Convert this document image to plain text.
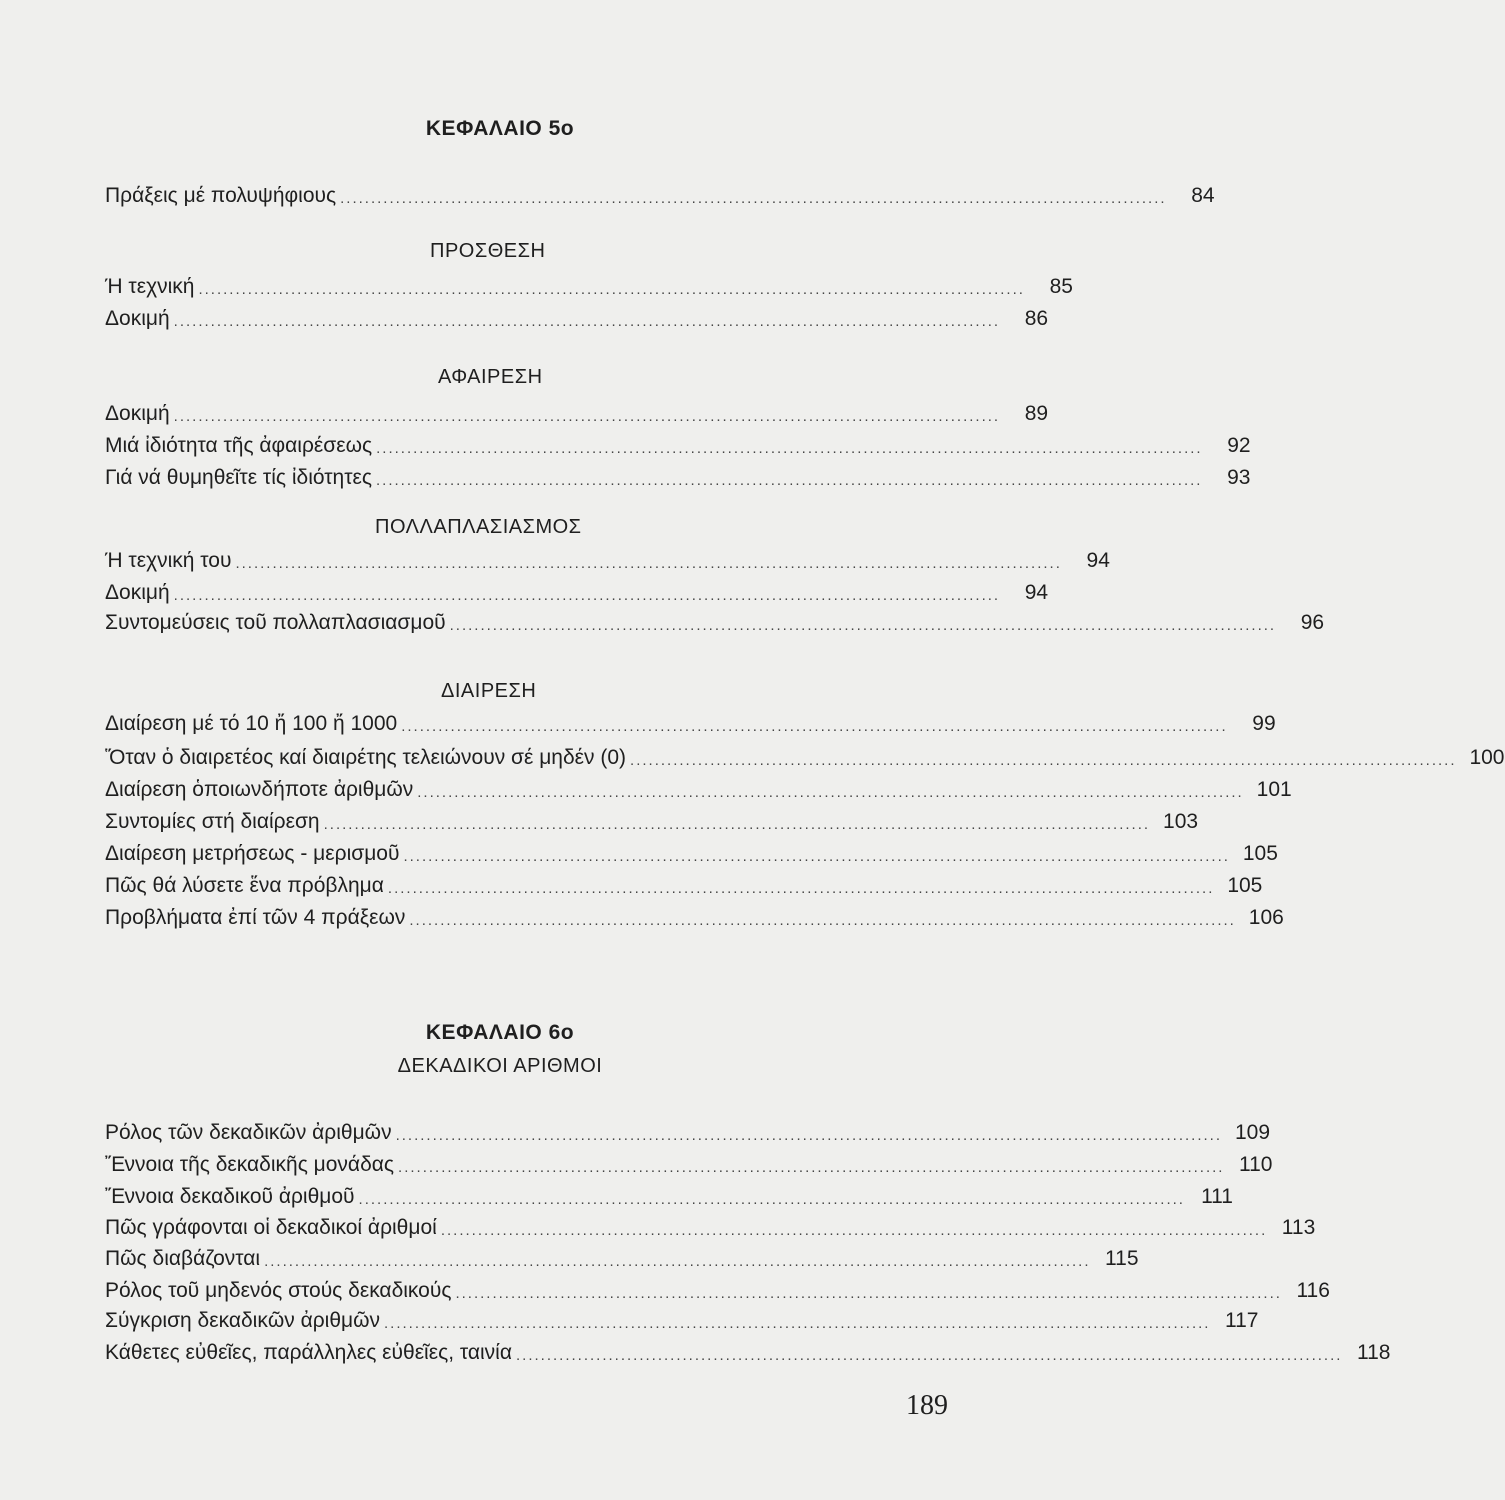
ΚΕΦΑΛΑΙΟ 5ο
Πράξεις μέ πολυψήφιους ......................................................................................................................................	84
ΠΡΟΣΘΕΣΗ
Ή τεχνική ......................................................................................................................................	85
Δοκιμή ......................................................................................................................................	86
ΑΦΑΙΡΕΣΗ
Δοκιμή ......................................................................................................................................	89
Μιά ἰδιότητα τῆς ἀφαιρέσεως ......................................................................................................................................	92
Γιά νά θυμηθεῖτε τίς ἰδιότητες ......................................................................................................................................	93
ΠΟΛΛΑΠΛΑΣΙΑΣΜΟΣ
Ή τεχνική του ......................................................................................................................................	94
Δοκιμή ......................................................................................................................................	94
Συντομεύσεις τοῦ πολλαπλασιασμοῦ ......................................................................................................................................	96
ΔΙΑΙΡΕΣΗ
Διαίρεση μέ τό 10 ἤ 100 ἤ 1000 ......................................................................................................................................	99
Ὅταν ὁ διαιρετέος καί διαιρέτης τελειώνουν σέ μηδέν (0) ...................................................................................................................................... 100
Διαίρεση ὁποιωνδήποτε ἀριθμῶν ...................................................................................................................................... 101
Συντομίες στή διαίρεση ...................................................................................................................................... 103
Διαίρεση μετρήσεως - μερισμοῦ ...................................................................................................................................... 105
Πῶς θά λύσετε ἕνα πρόβλημα ...................................................................................................................................... 105
Προβλήματα ἐπί τῶν 4 πράξεων ...................................................................................................................................... 106
ΚΕΦΑΛΑΙΟ 6ο
ΔΕΚΑΔΙΚΟΙ ΑΡΙΘΜΟΙ
Ρόλος τῶν δεκαδικῶν ἀριθμῶν ...................................................................................................................................... 109
Ἔννοια τῆς δεκαδικῆς μονάδας ...................................................................................................................................... 110
Ἔννοια δεκαδικοῦ ἀριθμοῦ ...................................................................................................................................... 111
Πῶς γράφονται οἱ δεκαδικοί ἀριθμοί ...................................................................................................................................... 113
Πῶς διαβάζονται ...................................................................................................................................... 115
Ρόλος τοῦ μηδενός στούς δεκαδικούς ...................................................................................................................................... 116
Σύγκριση δεκαδικῶν ἀριθμῶν ...................................................................................................................................... 117
Κάθετες εὐθεῖες, παράλληλες εὐθεῖες, ταινία ...................................................................................................................................... 118
189
